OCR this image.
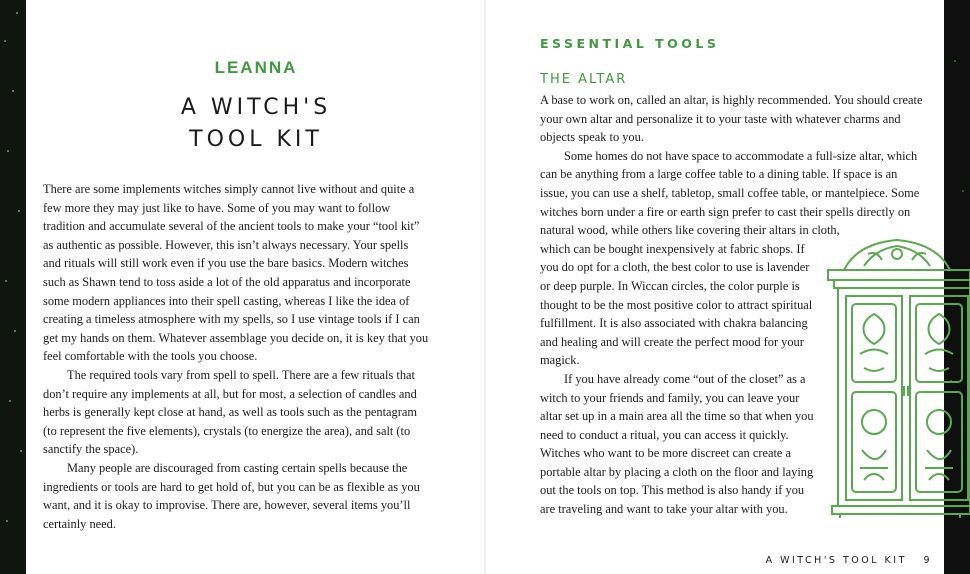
LEANNA
A WITCH'S
TOOL KIT

There are some implements witches simply cannot live without and quite a few more they may just like to have. Some of you may want to follow tradition and accumulate several of the ancient tools to make your “tool kit” as authentic as possible. However, this isn’t always necessary. Your spells and rituals will still work even if you use the bare basics. Modern witches such as Shawn tend to toss aside a lot of the old apparatus and incorporate some modern appliances into their spell casting, whereas I like the idea of creating a timeless atmosphere with my spells, so I use vintage tools if I can get my hands on them. Whatever assemblage you decide on, it is key that you feel comfortable with the tools you choose.

The required tools vary from spell to spell. There are a few rituals that don’t require any implements at all, but for most, a selection of candles and herbs is generally kept close at hand, as well as tools such as the pentagram (to represent the five elements), crystals (to energize the area), and salt (to sanctify the space).

Many people are discouraged from casting certain spells because the ingredients or tools are hard to get hold of, but you can be as flexible as you want, and it is okay to improvise. There are, however, several items you’ll certainly need.

ESSENTIAL TOOLS
THE ALTAR

A base to work on, called an altar, is highly recommended. You should create your own altar and personalize it to your taste with whatever charms and objects speak to you.

Some homes do not have space to accommodate a full-size altar, which can be anything from a large coffee table to a dining table. If space is an issue, you can use a shelf, tabletop, small coffee table, or mantelpiece. Some witches born under a fire or earth sign prefer to cast their spells directly on natural wood, while others like covering their altars in cloth,

which can be bought inexpensively at fabric shops. If you do opt for a cloth, the best color to use is lavender or deep purple. In Wiccan circles, the color purple is thought to be the most positive color to attract spiritual fulfillment. It is also associated with chakra balancing and healing and will create the perfect mood for your magick.

If you have already come “out of the closet” as a witch to your friends and family, you can leave your altar set up in a main area all the time so that when you need to conduct a ritual, you can access it quickly. Witches who want to be more discreet can create a portable altar by placing a cloth on the floor and laying out the tools on top. This method is also handy if you are traveling and want to take your altar with you.

A WITCH'S TOOL KIT 9
